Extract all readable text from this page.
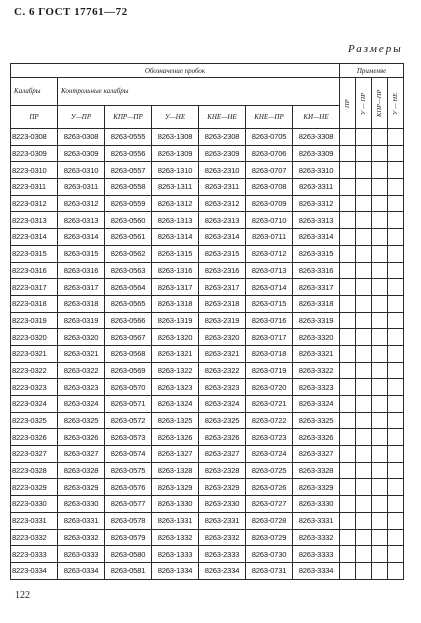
С. 6 ГОСТ 17761—72
Размеры
Обозначение пробок							Применяе			
Калибры	Контрольные калибры						ПР	У — ПР	КПР—ПР	У — НЕ
ПР	У—ПР	КПР—ПР	У—НЕ	КНЕ—НЕ	КНЕ—ПР	КИ—НЕ				
8223-0308	8263-0308	8263-0555	8263-1308	8263-2308	8263-0705	8263-3308				
8223-0309	8263-0309	8263-0556	8263-1309	8263-2309	8263-0706	8263-3309				
8223-0310	8263-0310	8263-0557	8263-1310	8263-2310	8263-0707	8263-3310				
8223-0311	8263-0311	8263-0558	8263-1311	8263-2311	8263-0708	8263-3311				
8223-0312	8263-0312	8263-0559	8263-1312	8263-2312	8263-0709	8263-3312				
8223-0313	8263-0313	8263-0560	8263-1313	8263-2313	8263-0710	8263-3313				
8223-0314	8263-0314	8263-0561	8263-1314	8263-2314	8263-0711	8263-3314				
8223-0315	8263-0315	8263-0562	8263-1315	8263-2315	8263-0712	8263-3315				
8223-0316	8263-0316	8263-0563	8263-1316	8263-2316	8263-0713	8263-3316				
8223-0317	8263-0317	8263-0564	8263-1317	8263-2317	8263-0714	8263-3317				
8223-0318	8263-0318	8263-0565	8263-1318	8263-2318	8263-0715	8263-3318				
8223-0319	8263-0319	8263-0566	8263-1319	8263-2319	8263-0716	8263-3319				
8223-0320	8263-0320	8263-0567	8263-1320	8263-2320	8263-0717	8263-3320				
8223-0321	8263-0321	8263-0568	8263-1321	8263-2321	8263-0718	8263-3321				
8223-0322	8263-0322	8263-0569	8263-1322	8263-2322	8263-0719	8263-3322				
8223-0323	8263-0323	8263-0570	8263-1323	8263-2323	8263-0720	8263-3323				
8223-0324	8263-0324	8263-0571	8263-1324	8263-2324	8263-0721	8263-3324				
8223-0325	8263-0325	8263-0572	8263-1325	8263-2325	8263-0722	8263-3325				
8223-0326	8263-0326	8263-0573	8263-1326	8263-2326	8263-0723	8263-3326				
8223-0327	8263-0327	8263-0574	8263-1327	8263-2327	8263-0724	8263-3327				
8223-0328	8263-0328	8263-0575	8263-1328	8263-2328	8263-0725	8263-3328				
8223-0329	8263-0329	8263-0576	8263-1329	8263-2329	8263-0726	8263-3329				
8223-0330	8263-0330	8263-0577	8263-1330	8263-2330	8263-0727	8263-3330				
8223-0331	8263-0331	8263-0578	8263-1331	8263-2331	8263-0728	8263-3331				
8223-0332	8263-0332	8263-0579	8263-1332	8263-2332	8263-0729	8263-3332				
8223-0333	8263-0333	8263-0580	8263-1333	8263-2333	8263-0730	8263-3333				
8223-0334	8263-0334	8263-0581	8263-1334	8263-2334	8263-0731	8263-3334				
122
